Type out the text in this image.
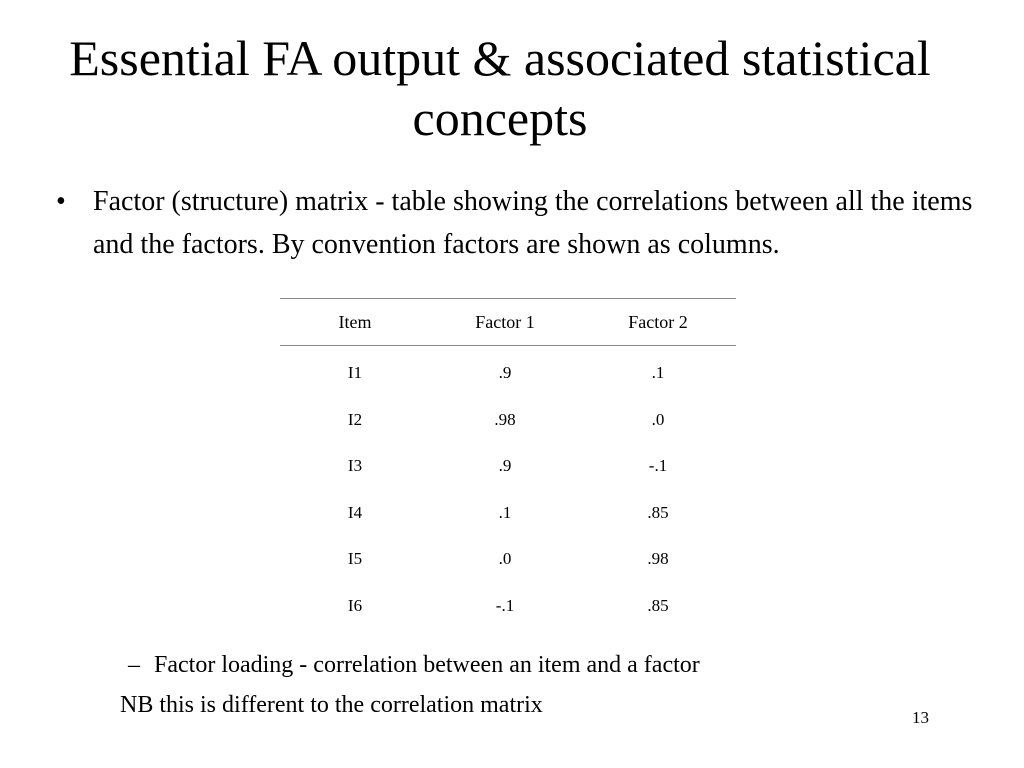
Essential FA output & associated statistical concepts
• Factor (structure) matrix - table showing the correlations between all the items and the factors. By convention factors are shown as columns.
Item	Factor 1	Factor 2
I1	.9	.1
I2	.98	.0
I3	.9	-.1
I4	.1	.85
I5	.0	.98
I6	-.1	.85
– Factor loading - correlation between an item and a factor
NB this is different to the correlation matrix	13
